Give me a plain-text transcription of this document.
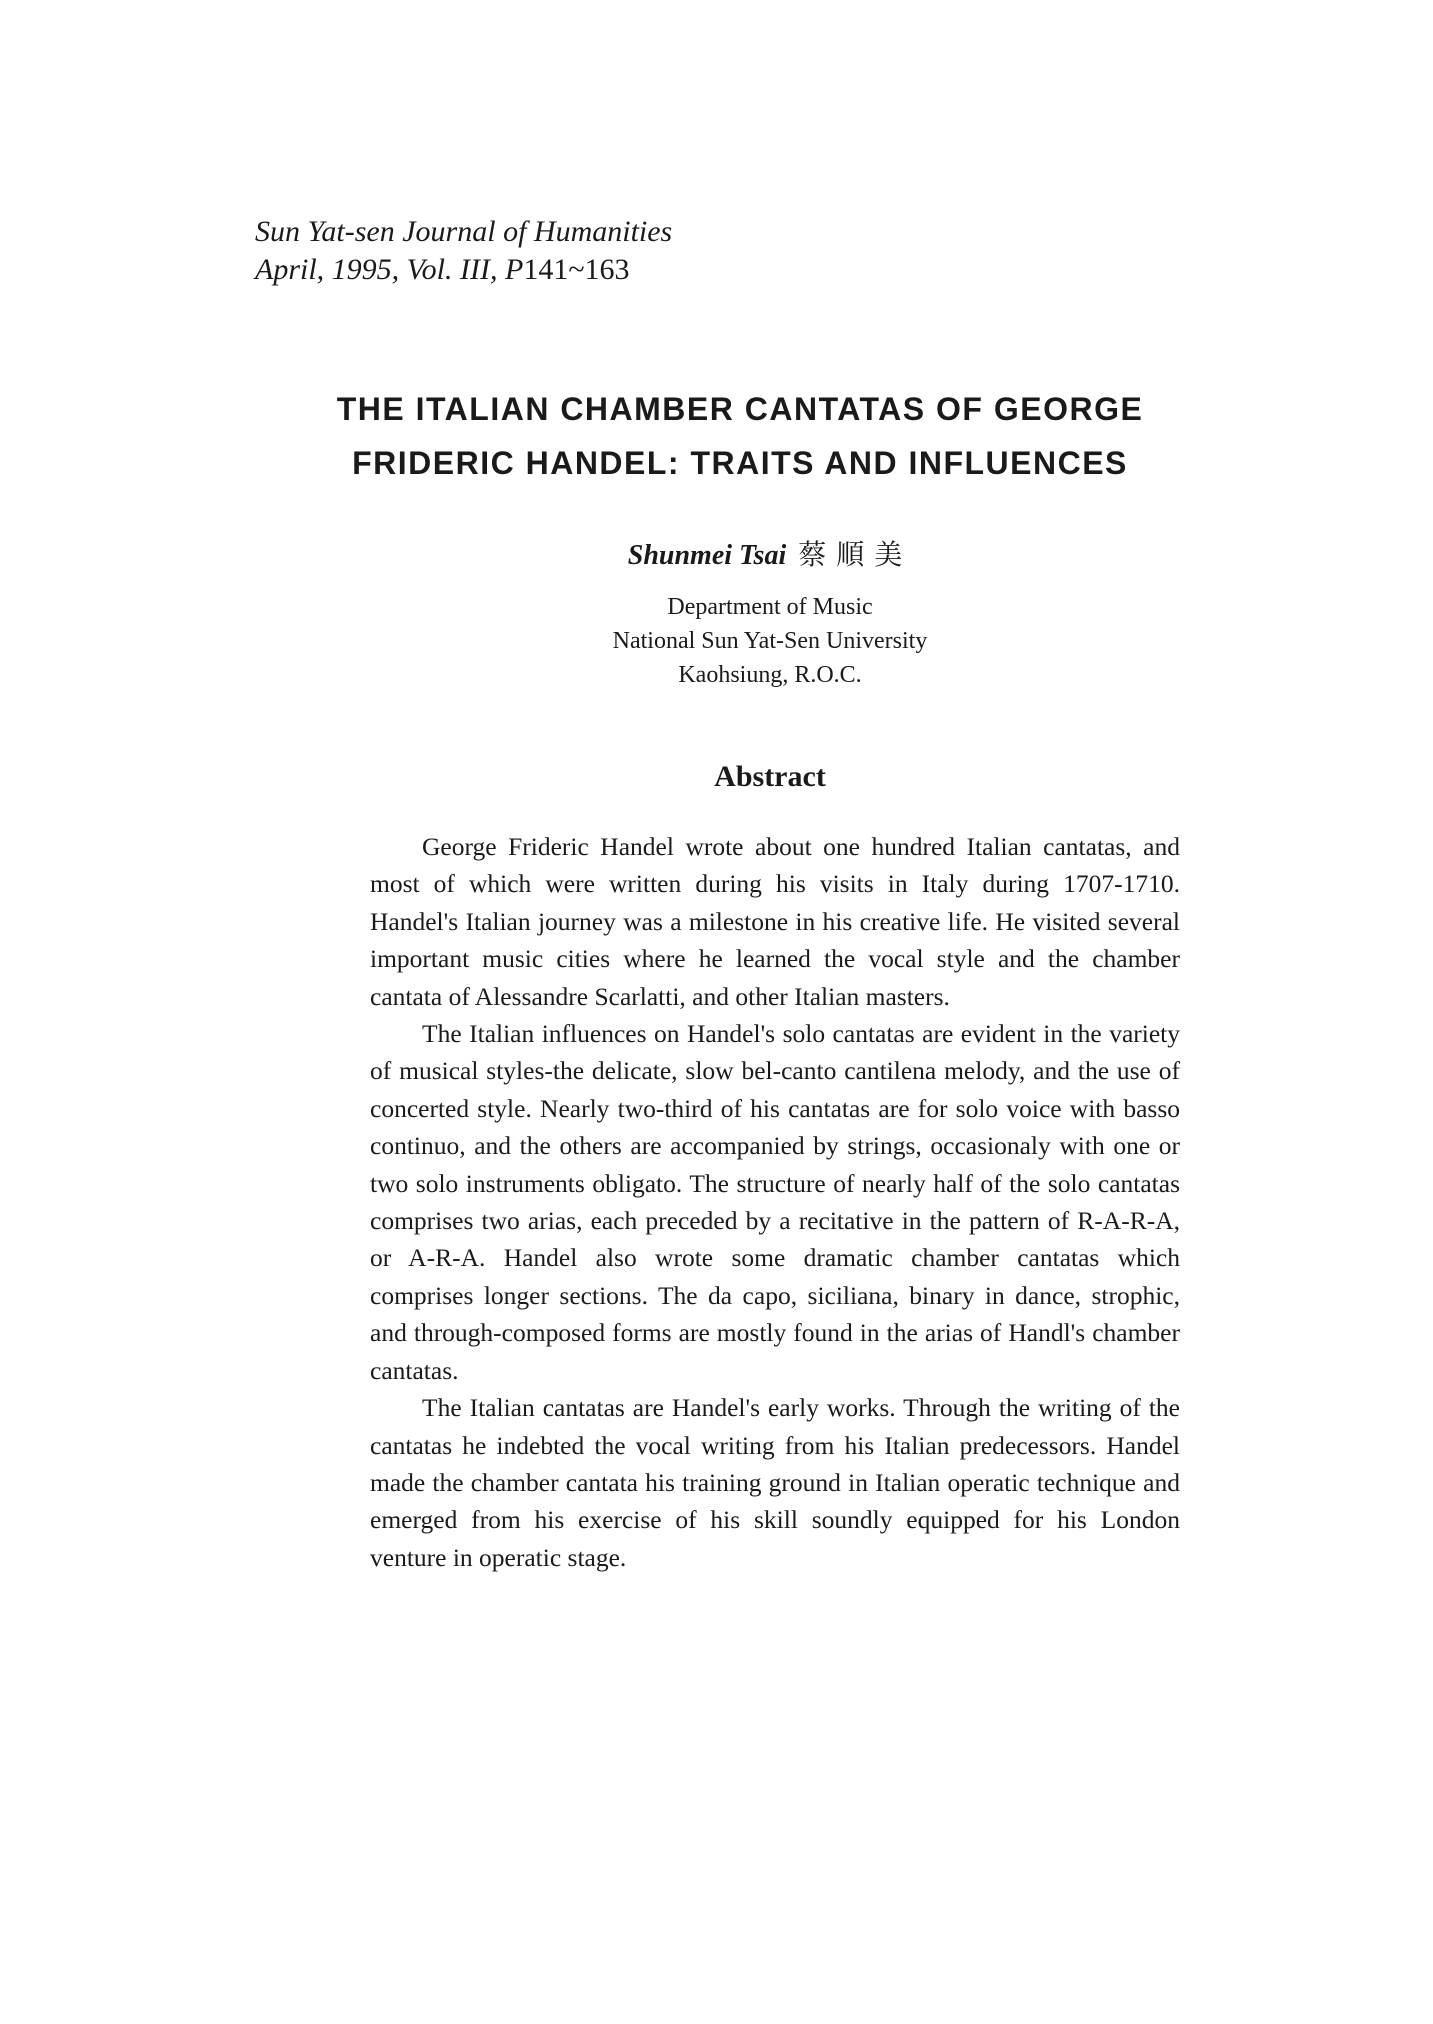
Sun Yat-sen Journal of Humanities
April, 1995, Vol. III, P141~163
THE ITALIAN CHAMBER CANTATAS OF GEORGE
FRIDERIC HANDEL: TRAITS AND INFLUENCES
Shunmei Tsai 蔡順美
Department of Music
National Sun Yat-Sen University
Kaohsiung, R.O.C.
Abstract

George Frideric Handel wrote about one hundred Italian cantatas, and most of which were written during his visits in Italy during 1707-1710. Handel's Italian journey was a milestone in his creative life. He visited several important music cities where he learned the vocal style and the chamber cantata of Alessandre Scarlatti, and other Italian masters.

The Italian influences on Handel's solo cantatas are evident in the variety of musical styles-the delicate, slow bel-canto cantilena melody, and the use of concerted style. Nearly two-third of his cantatas are for solo voice with basso continuo, and the others are accompanied by strings, occasionaly with one or two solo instruments obligato. The structure of nearly half of the solo cantatas comprises two arias, each preceded by a recitative in the pattern of R-A-R-A, or A-R-A. Handel also wrote some dramatic chamber cantatas which comprises longer sections. The da capo, siciliana, binary in dance, strophic, and through-composed forms are mostly found in the arias of Handl's chamber cantatas.

The Italian cantatas are Handel's early works. Through the writing of the cantatas he indebted the vocal writing from his Italian predecessors. Handel made the chamber cantata his training ground in Italian operatic technique and emerged from his exercise of his skill soundly equipped for his London venture in operatic stage.
